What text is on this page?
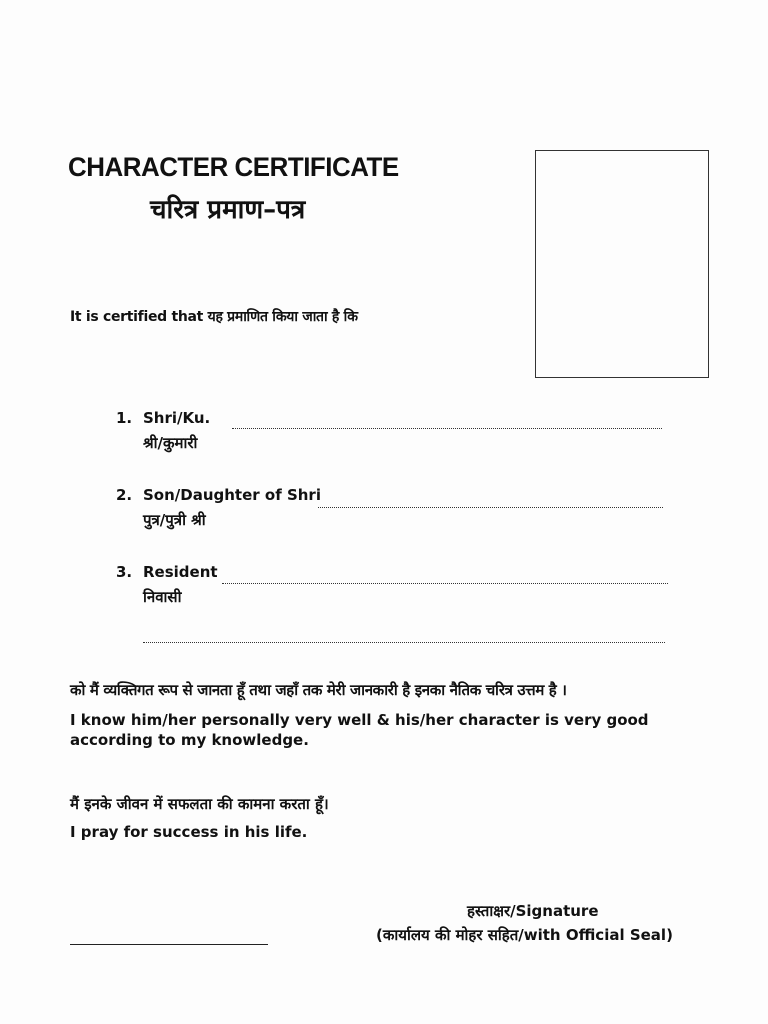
CHARACTER CERTIFICATE
चरित्र प्रमाण–पत्र
It is certified that यह प्रमाणित किया जाता है कि
1. Shri/Ku.
श्री/कुमारी
2. Son/Daughter of Shri
पुत्र/पुत्री श्री
3. Resident
निवासी
को मैं व्यक्तिगत रूप से जानता हूँ तथा जहाँ तक मेरी जानकारी है इनका नैतिक चरित्र उत्तम है ।
I know him/her personally very well & his/her character is very good according to my knowledge.
मैं इनके जीवन में सफलता की कामना करता हूँ।
I pray for success in his life.
हस्ताक्षर/Signature
(कार्यालय की मोहर सहित/with Official Seal)
